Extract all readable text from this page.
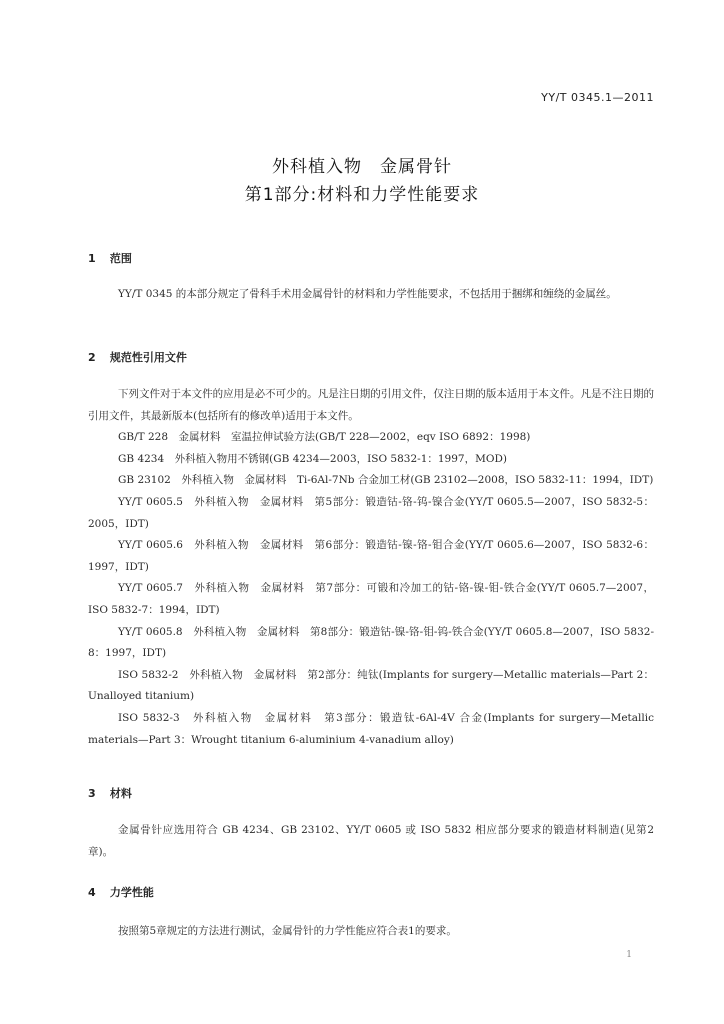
YY/T 0345.1—2011
外科植入物　金属骨针
第1部分:材料和力学性能要求
1 范围

YY/T 0345 的本部分规定了骨科手术用金属骨针的材料和力学性能要求，不包括用于捆绑和缠绕的金属丝。

2 规范性引用文件

下列文件对于本文件的应用是必不可少的。凡是注日期的引用文件，仅注日期的版本适用于本文件。凡是不注日期的引用文件，其最新版本(包括所有的修改单)适用于本文件。

GB/T 228　金属材料　室温拉伸试验方法(GB/T 228—2002，eqv ISO 6892：1998)

GB 4234　外科植入物用不锈钢(GB 4234—2003，ISO 5832-1：1997，MOD)

GB 23102　外科植入物　金属材料　Ti-6Al-7Nb 合金加工材(GB 23102—2008，ISO 5832-11：1994，IDT)

YY/T 0605.5　外科植入物　金属材料　第5部分：锻造钴-铬-钨-镍合金(YY/T 0605.5—2007，ISO 5832-5：2005，IDT)

YY/T 0605.6　外科植入物　金属材料　第6部分：锻造钴-镍-铬-钼合金(YY/T 0605.6—2007，ISO 5832-6：1997，IDT)

YY/T 0605.7　外科植入物　金属材料　第7部分：可锻和冷加工的钴-铬-镍-钼-铁合金(YY/T 0605.7—2007，ISO 5832-7：1994，IDT)

YY/T 0605.8　外科植入物　金属材料　第8部分：锻造钴-镍-铬-钼-钨-铁合金(YY/T 0605.8—2007，ISO 5832-8：1997，IDT)

ISO 5832-2　外科植入物　金属材料　第2部分：纯钛(Implants for surgery—Metallic materials—Part 2：Unalloyed titanium)

ISO 5832-3　外科植入物　金属材料　第3部分：锻造钛-6Al-4V 合金(Implants for surgery—Metallic materials—Part 3：Wrought titanium 6-aluminium 4-vanadium alloy)

3 材料

金属骨针应选用符合 GB 4234、GB 23102、YY/T 0605 或 ISO 5832 相应部分要求的锻造材料制造(见第2章)。

4 力学性能

按照第5章规定的方法进行测试，金属骨针的力学性能应符合表1的要求。

1
